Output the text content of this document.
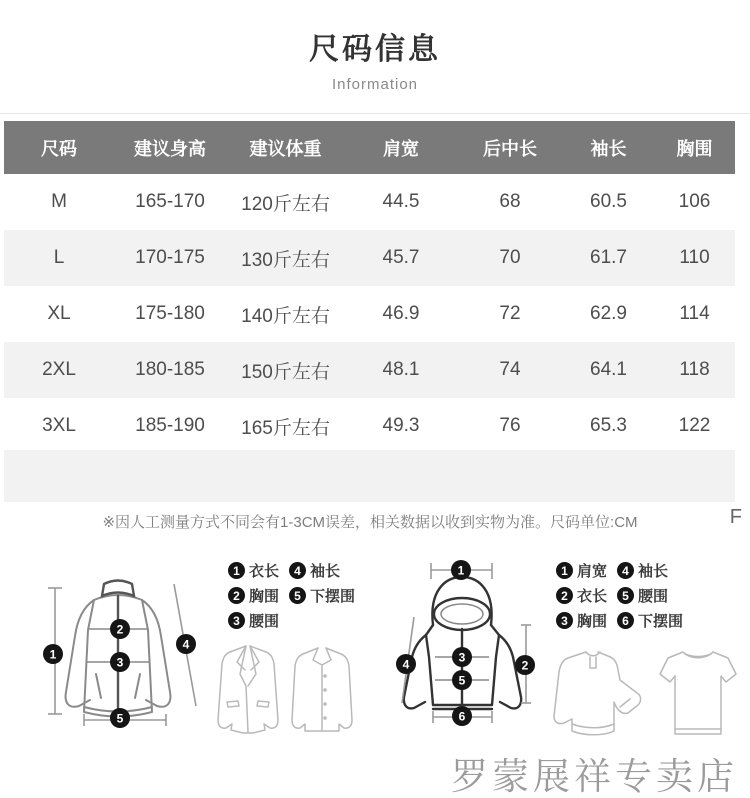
尺码信息
Information
尺码	建议身高	建议体重	肩宽	后中长	袖长	胸围
M	165-170	120斤左右	44.5	68	60.5	106
L	170-175	130斤左右	45.7	70	61.7	110
XL	175-180	140斤左右	46.9	72	62.9	114
2XL	180-185	150斤左右	48.1	74	64.1	118
3XL	185-190	165斤左右	49.3	76	65.3	122
※因人工测量方式不同会有1-3CM误差，相关数据以收到实物为准。尺码单位:CM	F
1
2
3
4
5
1 衣长	4 袖长
2 胸围	5 下摆围
3 腰围
1
3
5
6
2
4
1 肩宽	4 袖长
2 衣长	5 腰围
3 胸围	6 下摆围
罗蒙展祥专卖店
